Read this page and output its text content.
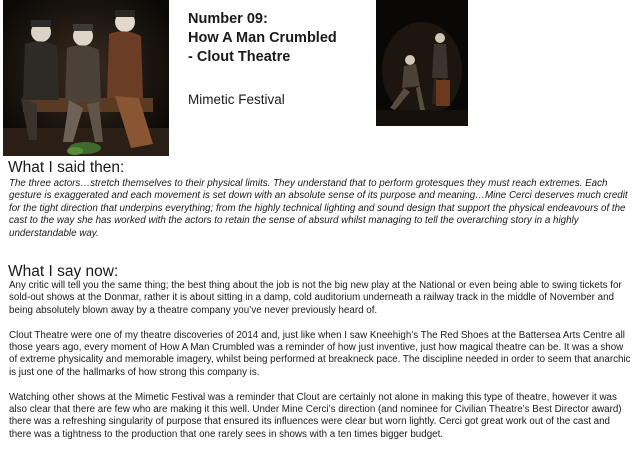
Number 09:
How A Man Crumbled
- Clout Theatre
Mimetic Festival
What I said then:
The three actors…stretch themselves to their physical limits. They understand that to perform grotesques they must reach extremes. Each gesture is exaggerated and each movement is set down with an absolute sense of its purpose and meaning…Mine Cerci deserves much credit for the tight direction that underpins everything; from the highly technical lighting and sound design that support the physical endeavours of the cast to the way she has worked with the actors to retain the sense of absurd whilst managing to tell the overarching story in a highly understandable way.
What I say now:

Any critic will tell you the same thing; the best thing about the job is not the big new play at the National or even being able to swing tickets for sold-out shows at the Donmar, rather it is about sitting in a damp, cold auditorium underneath a railway track in the middle of November and being absolutely blown away by a theatre company you’ve never previously heard of.

Clout Theatre were one of my theatre discoveries of 2014 and, just like when I saw Kneehigh’s The Red Shoes at the Battersea Arts Centre all those years ago, every moment of How A Man Crumbled was a reminder of how just inventive, just how magical theatre can be. It was a show of extreme physicality and memorable imagery, whilst being performed at breakneck pace. The discipline needed in order to seem that anarchic is just one of the hallmarks of how strong this company is.

Watching other shows at the Mimetic Festival was a reminder that Clout are certainly not alone in making this type of theatre, however it was also clear that there are few who are making it this well. Under Mine Cerci’s direction (and nominee for Civilian Theatre’s Best Director award) there was a refreshing singularity of purpose that ensured its influences were clear but worn lightly. Cerci got great work out of the cast and there was a tightness to the production that one rarely sees in shows with a ten times bigger budget.
